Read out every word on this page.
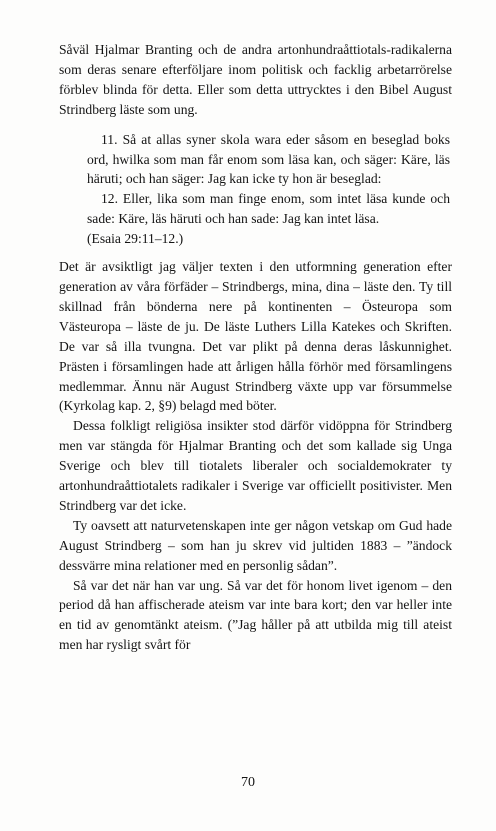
Såväl Hjalmar Branting och de andra artonhundraåttiotals-radikalerna som deras senare efterföljare inom politisk och facklig arbetarrörelse förblev blinda för detta. Eller som detta uttrycktes i den Bibel August Strindberg läste som ung.

11. Så at allas syner skola wara eder såsom en beseglad boks ord, hwilka som man får enom som läsa kan, och säger: Käre, läs häruti; och han säger: Jag kan icke ty hon är beseglad:

12. Eller, lika som man finge enom, som intet läsa kunde och sade: Käre, läs häruti och han sade: Jag kan intet läsa.

(Esaia 29:11–12.)

Det är avsiktligt jag väljer texten i den utformning generation efter generation av våra förfäder – Strindbergs, mina, dina – läste den. Ty till skillnad från bönderna nere på kontinenten – Östeuropa som Västeuropa – läste de ju. De läste Luthers Lilla Katekes och Skriften. De var så illa tvungna. Det var plikt på denna deras låskunnighet. Prästen i församlingen hade att årligen hålla förhör med församlingens medlemmar. Ännu när August Strindberg växte upp var försummelse (Kyrkolag kap. 2, §9) belagd med böter.

Dessa folkligt religiösa insikter stod därför vidöppna för Strindberg men var stängda för Hjalmar Branting och det som kallade sig Unga Sverige och blev till tiotalets liberaler och socialdemokrater ty artonhundraåttiotalets radikaler i Sverige var officiellt positivister. Men Strindberg var det icke.

Ty oavsett att naturvetenskapen inte ger någon vetskap om Gud hade August Strindberg – som han ju skrev vid jultiden 1883 – ”ändock dessvärre mina relationer med en personlig sådan”.

Så var det när han var ung. Så var det för honom livet igenom – den period då han affischerade ateism var inte bara kort; den var heller inte en tid av genomtänkt ateism. (”Jag håller på att utbilda mig till ateist men har rysligt svårt för

70
